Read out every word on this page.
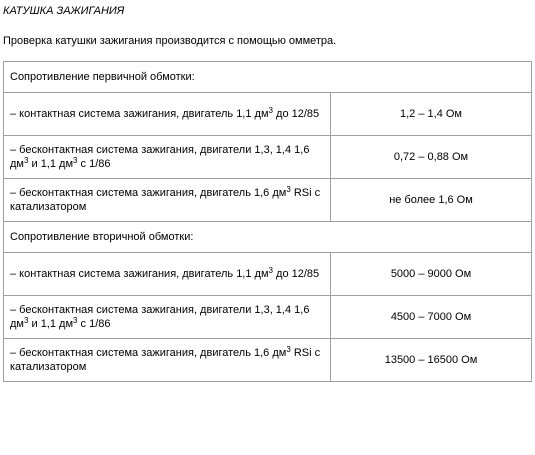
КАТУШКА ЗАЖИГАНИЯ
Проверка катушки зажигания производится с помощью омметра.
Сопротивление первичной обмотки:	
– контактная система зажигания, двигатель 1,1 $дм^3$ до 12/85	1,2 – 1,4 Ом
– бесконтактная система зажигания, двигатели 1,3, 1,4 1,6 $дм^3$ и 1,1 $дм^3$ с 1/86	0,72 – 0,88 Ом
– бесконтактная система зажигания, двигатель 1,6 $дм^3$ RSi с катализатором	не более 1,6 Ом
Сопротивление вторичной обмотки:	
– контактная система зажигания, двигатель 1,1 $дм^3$ до 12/85	5000 – 9000 Ом
– бесконтактная система зажигания, двигатели 1,3, 1,4 1,6 $дм^3$ и 1,1 $дм^3$ с 1/86	4500 – 7000 Ом
– бесконтактная система зажигания, двигатель 1,6 $дм^3$ RSi с катализатором	13500 – 16500 Ом
